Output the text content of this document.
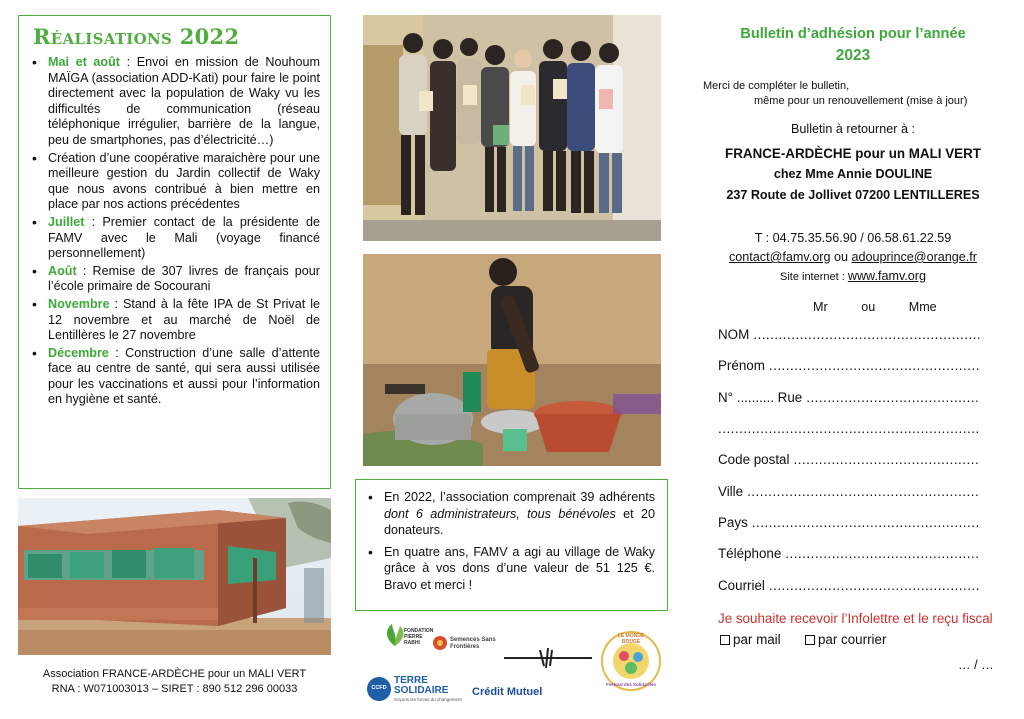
Réalisations 2022
• Mai et août : Envoi en mission de Nouhoum MAÏGA (association ADD-Kati) pour faire le point directement avec la population de Waky vu les difficultés de communication (réseau téléphonique irrégulier, barrière de la langue, peu de smartphones, pas d’électricité…)
• Création d’une coopérative maraichère pour une meilleure gestion du Jardin collectif de Waky que nous avons contribué à bien mettre en place par nos actions précédentes
• Juillet : Premier contact de la présidente de FAMV avec le Mali (voyage financé personnellement)
• Août : Remise de 307 livres de français pour l’école primaire de Socourani
• Novembre : Stand à la fête IPA de St Privat le 12 novembre et au marché de Noël de Lentillères le 27 novembre
• Décembre : Construction d’une salle d’attente face au centre de santé, qui sera aussi utilisée pour les vaccinations et aussi pour l’information en hygiène et santé.
Association FRANCE-ARDÈCHE pour un MALI VERT
RNA : W071003013 – SIRET : 890 512 296 00033
• En 2022, l’association comprenait 39 adhérents dont 6 administrateurs, tous bénévoles et 20 donateurs.
• En quatre ans, FAMV a agi au village de Waky grâce à vos dons d’une valeur de 51 125 €. Bravo et merci !
FONDATION PIERRE RABHI	Semences Sans Frontières
LE MONDE BOUGE
Festival des Solidarités
CCFD
TERRE SOLIDAIRE
Soyons les forces du changement
Crédit Mutuel
Bulletin d’adhésion pour l’année
2023
Merci de compléter le bulletin,
même pour un renouvellement (mise à jour)
Bulletin à retourner à :
FRANCE-ARDÈCHE pour un MALI VERT
chez Mme Annie DOULINE
237 Route de Jollivet 07200 LENTILLERES
T : 04.75.35.56.90 / 06.58.61.22.59
contact@famv.org ou adouprince@orange.fr
Site internet : www.famv.org
Mr	ou	Mme
NOM
.....
Prénom
.....
N° .......... Rue
.....
.....
Code postal
.....
Ville
.....
Pays
.....
Téléphone
.....
Courriel
.....
Je souhaite recevoir l’Infolettre et le reçu fiscal par mail	par courrier
… / …
